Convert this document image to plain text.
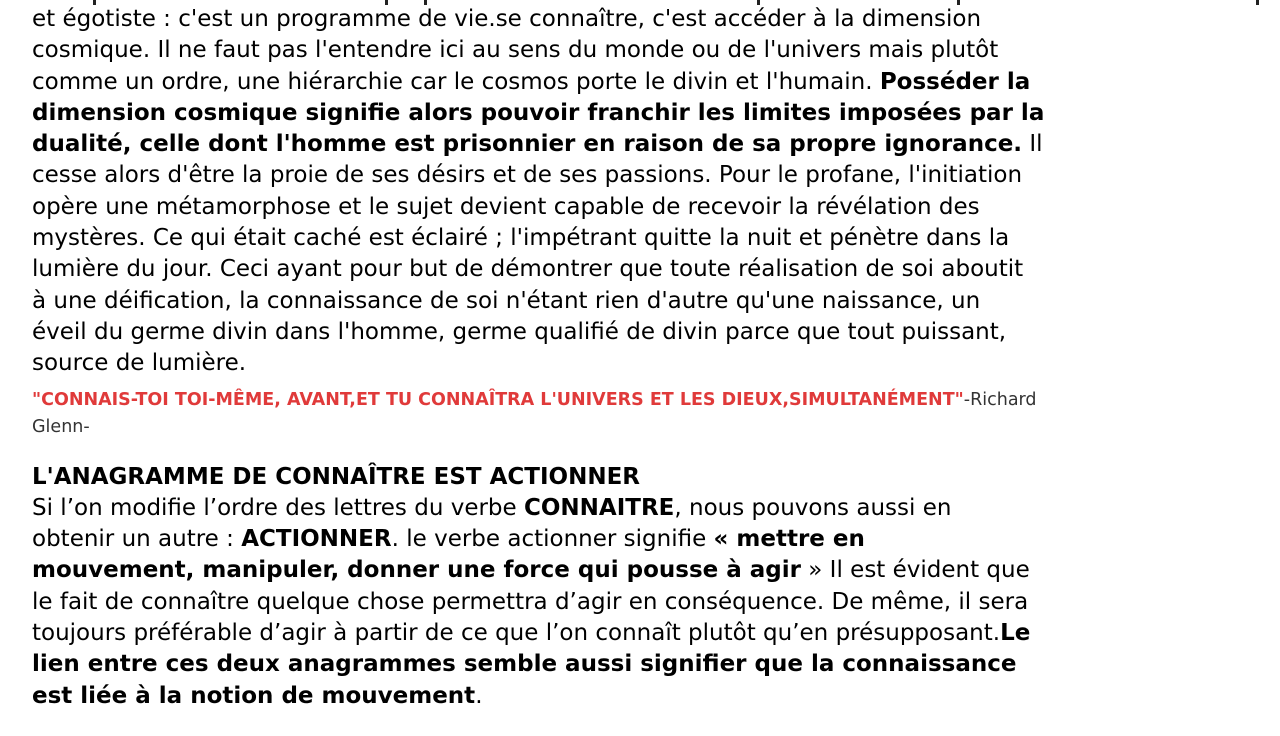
et égotiste : c'est un programme de vie.se connaître, c'est accéder à la dimension
cosmique. Il ne faut pas l'entendre ici au sens du monde ou de l'univers mais plutôt
comme un ordre, une hiérarchie car le cosmos porte le divin et l'humain. Posséder la
dimension cosmique signifie alors pouvoir franchir les limites imposées par la
dualité, celle dont l'homme est prisonnier en raison de sa propre ignorance. Il
cesse alors d'être la proie de ses désirs et de ses passions. Pour le profane, l'initiation
opère une métamorphose et le sujet devient capable de recevoir la révélation des
mystères. Ce qui était caché est éclairé ; l'impétrant quitte la nuit et pénètre dans la
lumière du jour. Ceci ayant pour but de démontrer que toute réalisation de soi aboutit
à une déification, la connaissance de soi n'étant rien d'autre qu'une naissance, un
éveil du germe divin dans l'homme, germe qualifié de divin parce que tout puissant,
source de lumière.
"CONNAIS-TOI TOI-MÊME, AVANT,ET TU CONNAÎTRA L'UNIVERS ET LES DIEUX,SIMULTANÉMENT"-Richard
Glenn-
L'ANAGRAMME DE CONNAÎTRE EST ACTIONNER
Si l’on modifie l’ordre des lettres du verbe CONNAITRE, nous pouvons aussi en
obtenir un autre : ACTIONNER. le verbe actionner signifie « mettre en
mouvement, manipuler, donner une force qui pousse à agir » Il est évident que
le fait de connaître quelque chose permettra d’agir en conséquence. De même, il sera
toujours préférable d’agir à partir de ce que l’on connaît plutôt qu’en présupposant.Le
lien entre ces deux anagrammes semble aussi signifier que la connaissance
est liée à la notion de mouvement.
